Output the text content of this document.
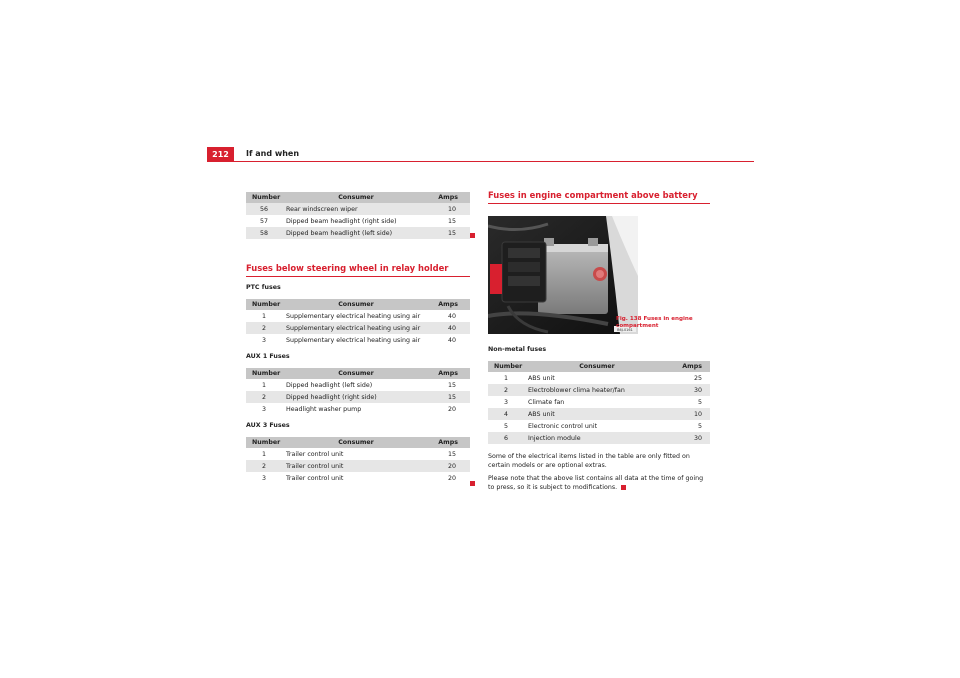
212	If and when
Number	Consumer	Amps
56	Rear windscreen wiper	10
57	Dipped beam headlight (right side)	15
58	Dipped beam headlight (left side)	15
Fuses below steering wheel in relay holder
PTC fuses
Number	Consumer	Amps
1	Supplementary electrical heating using air	40
2	Supplementary electrical heating using air	40
3	Supplementary electrical heating using air	40
AUX 1 Fuses
Number	Consumer	Amps
1	Dipped headlight (left side)	15
2	Dipped headlight (right side)	15
3	Headlight washer pump	20
AUX 3 Fuses
Number	Consumer	Amps
1	Trailer control unit	15
2	Trailer control unit	20
3	Trailer control unit	20
Fuses in engine compartment above battery
B6J-0161
Non-metal fuses
Number	Consumer	Amps
1	ABS unit	25
2	Electroblower clima heater/fan	30
3	Climate fan	5
4	ABS unit	10
5	Electronic control unit	5
6	Injection module	30

Some of the electrical items listed in the table are only fitted on certain models or are optional extras.

Please note that the above list contains all data at the time of going to press, so it is subject to modifications.

Fig. 138 Fuses in engine compartment
